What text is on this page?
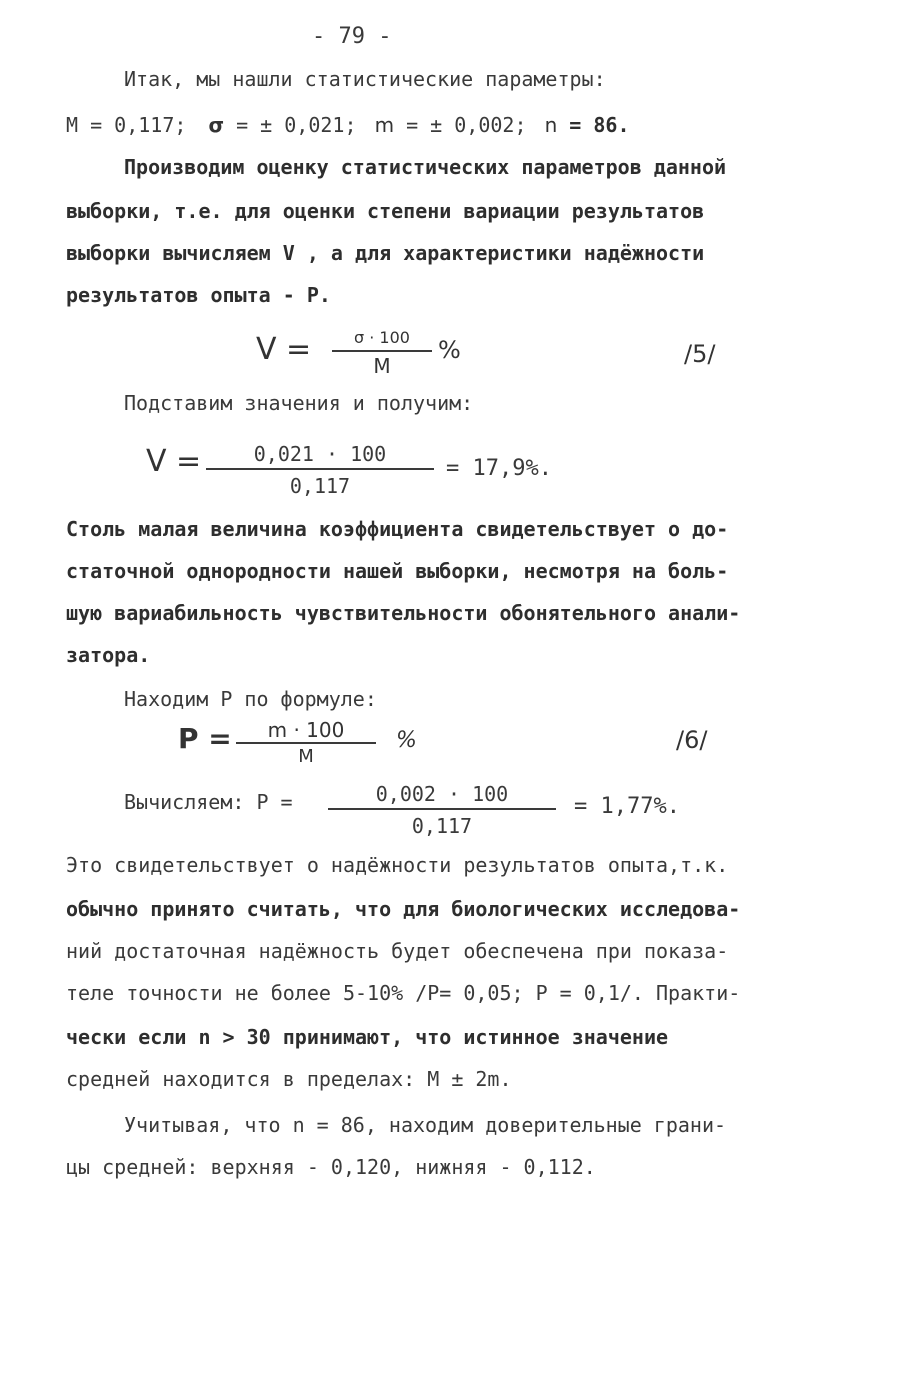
- 79 -
Итак, мы нашли статистические параметры:
M = 0,117; σ = ± 0,021; m = ± 0,002; n = 86.
Производим оценку статистических параметров данной
выборки, т.е. для оценки степени вариации результатов
выборки вычисляем V , а для характеристики надёжности
результатов опыта - P.
V =	σ · 100
M
%	/5/
Подставим значения и получим:
V =	0,021 · 100
0,117
= 17,9%.
Столь малая величина коэффициента свидетельствует о до-
статочной однородности нашей выборки, несмотря на боль-
шую вариабильность чувствительности обонятельного анали-
затора.
Находим P по формуле:
P =	m · 100
M
%	/6/
Вычисляем: P =	0,002 · 100
0,117
= 1,77%.
Это свидетельствует о надёжности результатов опыта,т.к.
обычно принято считать, что для биологических исследова-
ний достаточная надёжность будет обеспечена при показа-
теле точности не более 5-10% /P= 0,05; P = 0,1/. Практи-
чески если n > 30 принимают, что истинное значение
средней находится в пределах: M ± 2m.
Учитывая, что n = 86, находим доверительные грани-
цы средней: верхняя - 0,120, нижняя - 0,112.
